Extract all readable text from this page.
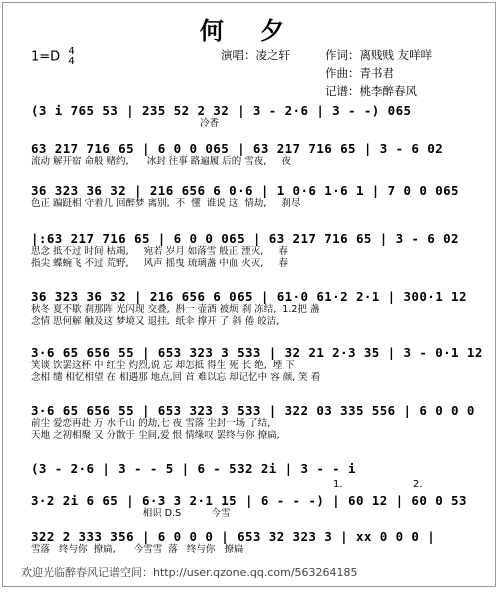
何 夕
1=D 4
4	演唱：凌之轩	作词：离贱贱 友咩咩
作曲：青书君
记谱：桃李醉春风
(3 i 765 53 | 235 52 2 32 | 3 - 2·6 | 3 - -) 065
冷香
63 217 716 65 | 6 0 0 065 | 63 217 716 65 | 3 - 6 02
流动 解开宿 命般 赌约,      冰封 往事 路遍履 后的 雪夜,     夜
36 323 36 32 | 216 656 6 0·6 | 1 0·6 1·6 1 | 7 0 0 065
色正 蹁跹相 守着几 回醉梦 离别,  不  懂  谁说 这  情劫,     刹尽
|:63 217 716 65 | 6 0 0 065 | 63 217 716 65 | 3 - 6 02
思念 抵不过 时间 枯竭,     宛若 岁月 如落雪 般正 湮灭,     春
指尖 蝶蜿飞 不过 荒野,     风声 摇曳 琉璃盏 中血 火灭,     春
36 323 36 32 | 216 656 6 065 | 61·0 61·2 2·1 | 300·1 12
秋冬 夏不歇 刹那阵 光闪现 交叠,  斟一 壶酒 被烦 刹 冻结,  1.2把 盏
念情 思何解 触及这 梦境又 退挂,  纸伞 撑开 了 斜 倦 皎洁,
3·6 65 656 55 | 653 323 3 533 | 32 21 2·3 35 | 3 - 0·1 12
笑谈 饮罢这杯 中 红尘 灼烈,说 忘 却怎抵 得生 死 长 绝,  堙 下
念相 缱 相忆相望 在 相遇那 地点,回 首 难以忘 却记忆中 容 颜, 笑 看
3·6 65 656 55 | 653 323 3 533 | 322 03 335 556 | 6 0 0 0
前尘 爱恋再赴 万 水千山 的劫,七 夜 雪落 尘封一场 了结,
天地 之初相聚 又 分散于 尘间,爱 恨 情缘叹 罢终与你 撩扁,
(3 - 2·6 | 3 - - 5 | 6 - 532 2i | 3 - - i
3·2 2i 6 65 | 6·3 3 2·1 15 | 6 - - -) | 60 12 | 60 0 53
相识 D.S          今雪
322 2 333 356 | 6 0 0 0 | 653 32 323 3 | xx 0 0 0 |
雪落   终与你  撩扁,      今雪雪  落   终与你   撩扁
1.	2.
欢迎光临醉春风记谱空间：http://user.qzone.qq.com/563264185
